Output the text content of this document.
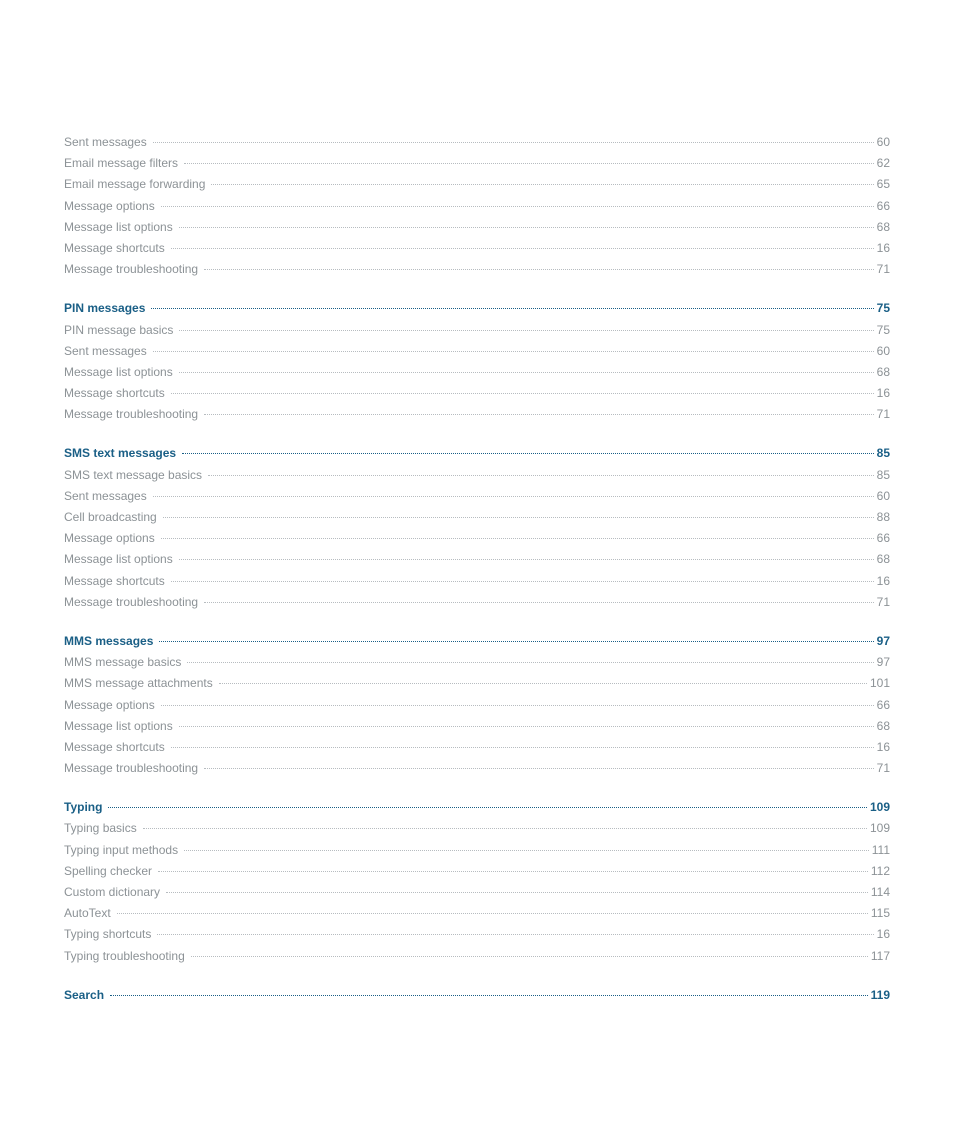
Sent messages	60
Email message filters	62
Email message forwarding	65
Message options	66
Message list options	68
Message shortcuts	16
Message troubleshooting	71
PIN messages	75
PIN message basics	75
Sent messages	60
Message list options	68
Message shortcuts	16
Message troubleshooting	71
SMS text messages	85
SMS text message basics	85
Sent messages	60
Cell broadcasting	88
Message options	66
Message list options	68
Message shortcuts	16
Message troubleshooting	71
MMS messages	97
MMS message basics	97
MMS message attachments	101
Message options	66
Message list options	68
Message shortcuts	16
Message troubleshooting	71
Typing	109
Typing basics	109
Typing input methods	111
Spelling checker	112
Custom dictionary	114
AutoText	115
Typing shortcuts	16
Typing troubleshooting	117
Search	119
